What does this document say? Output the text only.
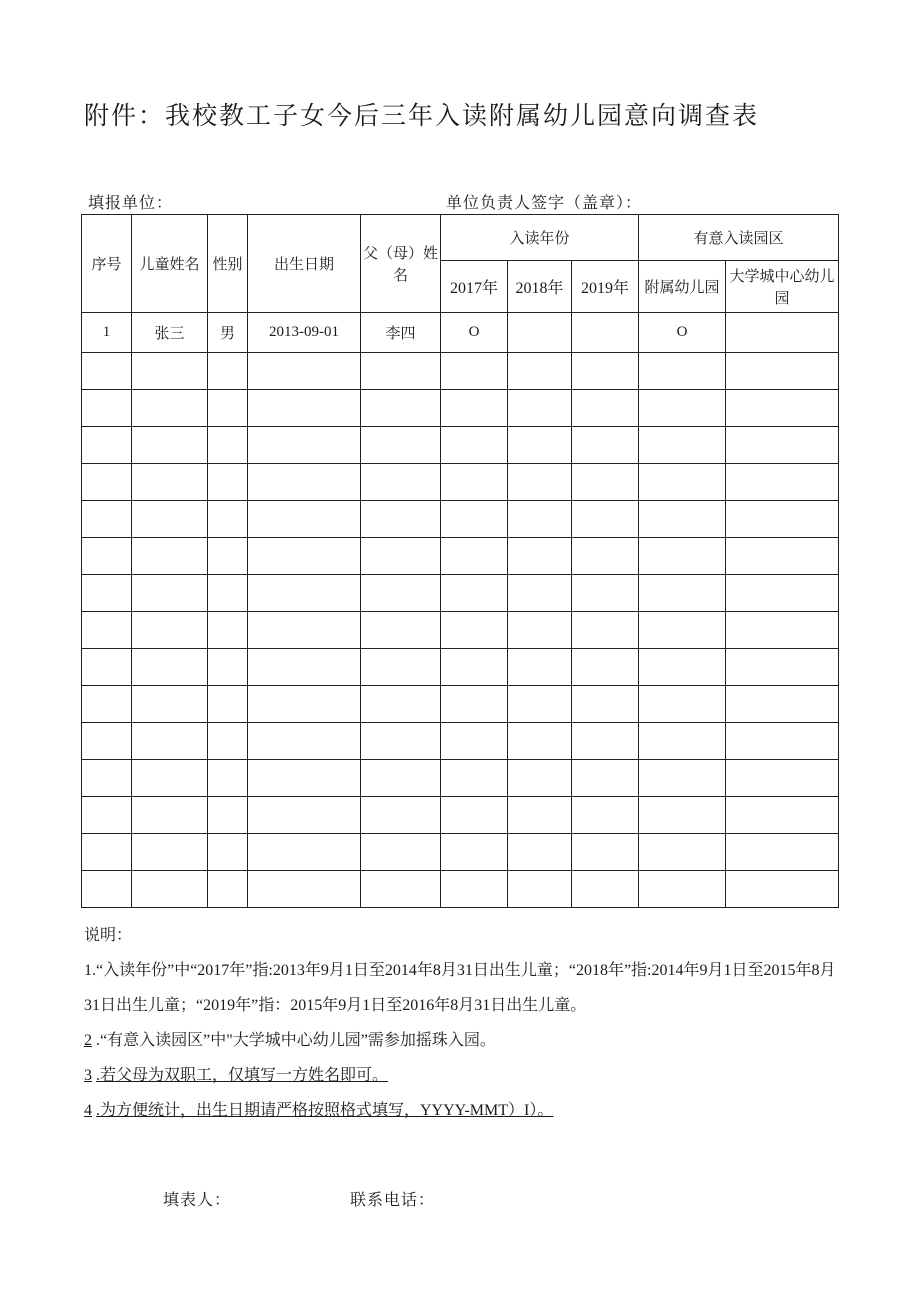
附件：我校教工子女今后三年入读附属幼儿园意向调查表
填报单位：	单位负责人签字（盖章）：
序号	儿童姓名	性别	出生日期	父（母）姓名	入读年份			有意入读园区	
					2017年	2018年	2019年	附属幼儿园	大学城中心幼儿园
1	张三	男	2013-09-01	李四	O			O	

说明：

1.“入读年份”中“2017年”指:2013年9月1日至2014年8月31日出生儿童；“2018年”指:2014年9月1日至2015年8月31日出生儿童；“2019年”指：2015年9月1日至2016年8月31日出生儿童。

2 .“有意入读园区”中"大学城中心幼儿园”需参加摇珠入园。

3 .若父母为双职工，仅填写一方姓名即可。

4 .为方便统计，出生日期请严格按照格式填写，YYYY-MMT）I）。

填表人：	联系电话：
